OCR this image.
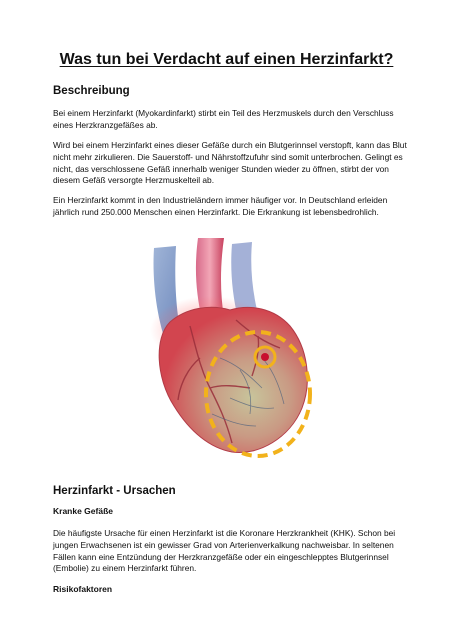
Was tun bei Verdacht auf einen Herzinfarkt?
Beschreibung

Bei einem Herzinfarkt (Myokardinfarkt) stirbt ein Teil des Herzmuskels durch den Verschluss eines Herzkranzgefäßes ab.

Wird bei einem Herzinfarkt eines dieser Gefäße durch ein Blutgerinnsel verstopft, kann das Blut nicht mehr zirkulieren. Die Sauerstoff- und Nährstoffzufuhr sind somit unterbrochen. Gelingt es nicht, das verschlossene Gefäß innerhalb weniger Stunden wieder zu öffnen, stirbt der von diesem Gefäß versorgte Herzmuskelteil ab.

Ein Herzinfarkt kommt in den Industrieländern immer häufiger vor. In Deutschland erleiden jährlich rund 250.000 Menschen einen Herzinfarkt. Die Erkrankung ist lebensbedrohlich.

Herzinfarkt - Ursachen
Kranke Gefäße

Die häufigste Ursache für einen Herzinfarkt ist die Koronare Herzkrankheit (KHK). Schon bei jungen Erwachsenen ist ein gewisser Grad von Arterienverkalkung nachweisbar. In seltenen Fällen kann eine Entzündung der Herzkranzgefäße oder ein eingeschlepptes Blutgerinnsel (Embolie) zu einem Herzinfarkt führen.

Risikofaktoren
